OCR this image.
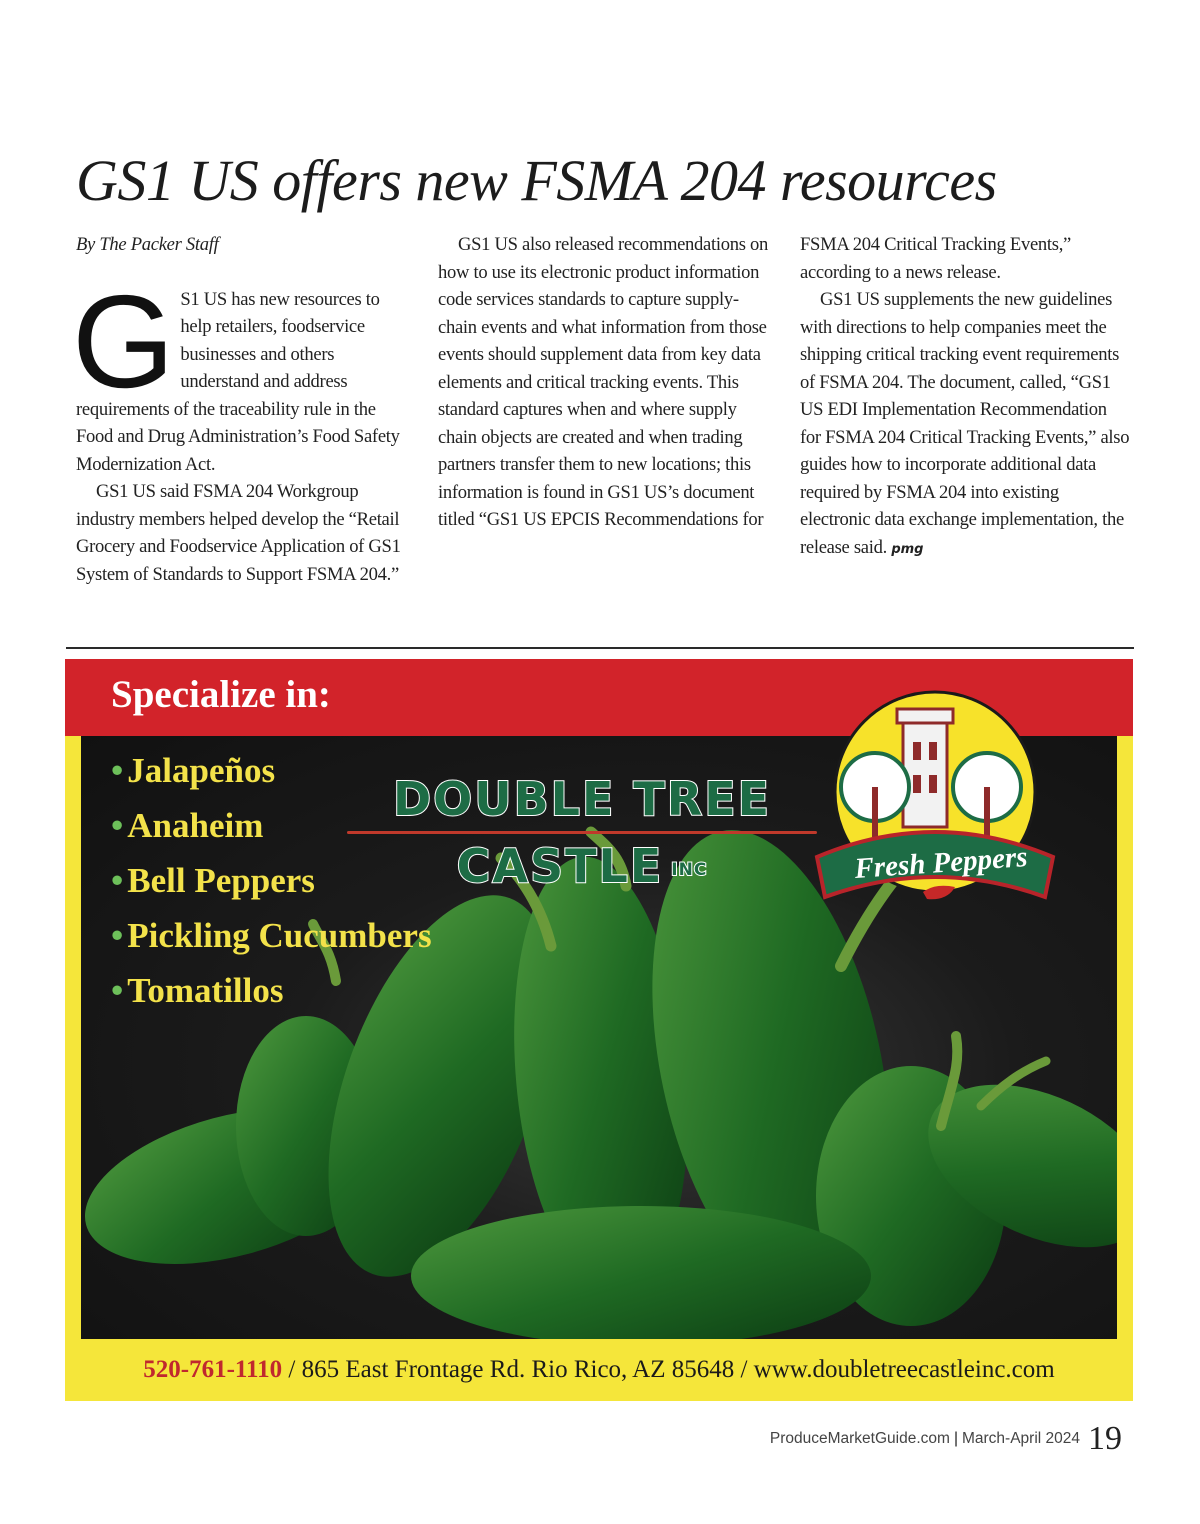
GS1 US offers new FSMA 204 resources

By The Packer Staff

G S1 US has new resources to help retailers, foodservice businesses and others understand and address requirements of the traceability rule in the Food and Drug Administration’s Food Safety Modernization Act.

GS1 US said FSMA 204 Workgroup industry members helped develop the “Retail Grocery and Foodservice Application of GS1 System of Standards to Support FSMA 204.”

GS1 US also released recommendations on how to use its electronic product information code services standards to capture supply-chain events and what information from those events should supplement data from key data elements and critical tracking events. This standard captures when and where supply chain objects are created and when trading partners transfer them to new locations; this information is found in GS1 US’s document titled “GS1 US EPCIS Recommendations for

FSMA 204 Critical Tracking Events,” according to a news release.

GS1 US supplements the new guidelines with directions to help companies meet the shipping critical tracking event requirements of FSMA 204. The document, called, “GS1 US EDI Implementation Recommendation for FSMA 204 Critical Tracking Events,” also guides how to incorporate additional data required by FSMA 204 into existing electronic data exchange implementation, the release said. pmg

Specialize in:
• Jalapeños
• Anaheim
• Bell Peppers
• Pickling Cucumbers
• Tomatillos
DOUBLE TREE
CASTLE INC	Fresh Peppers
520-761-1110 / 865 East Frontage Rd. Rio Rico, AZ 85648 / www.doubletreecastleinc.com
ProduceMarketGuide.com | March-April 2024 19
